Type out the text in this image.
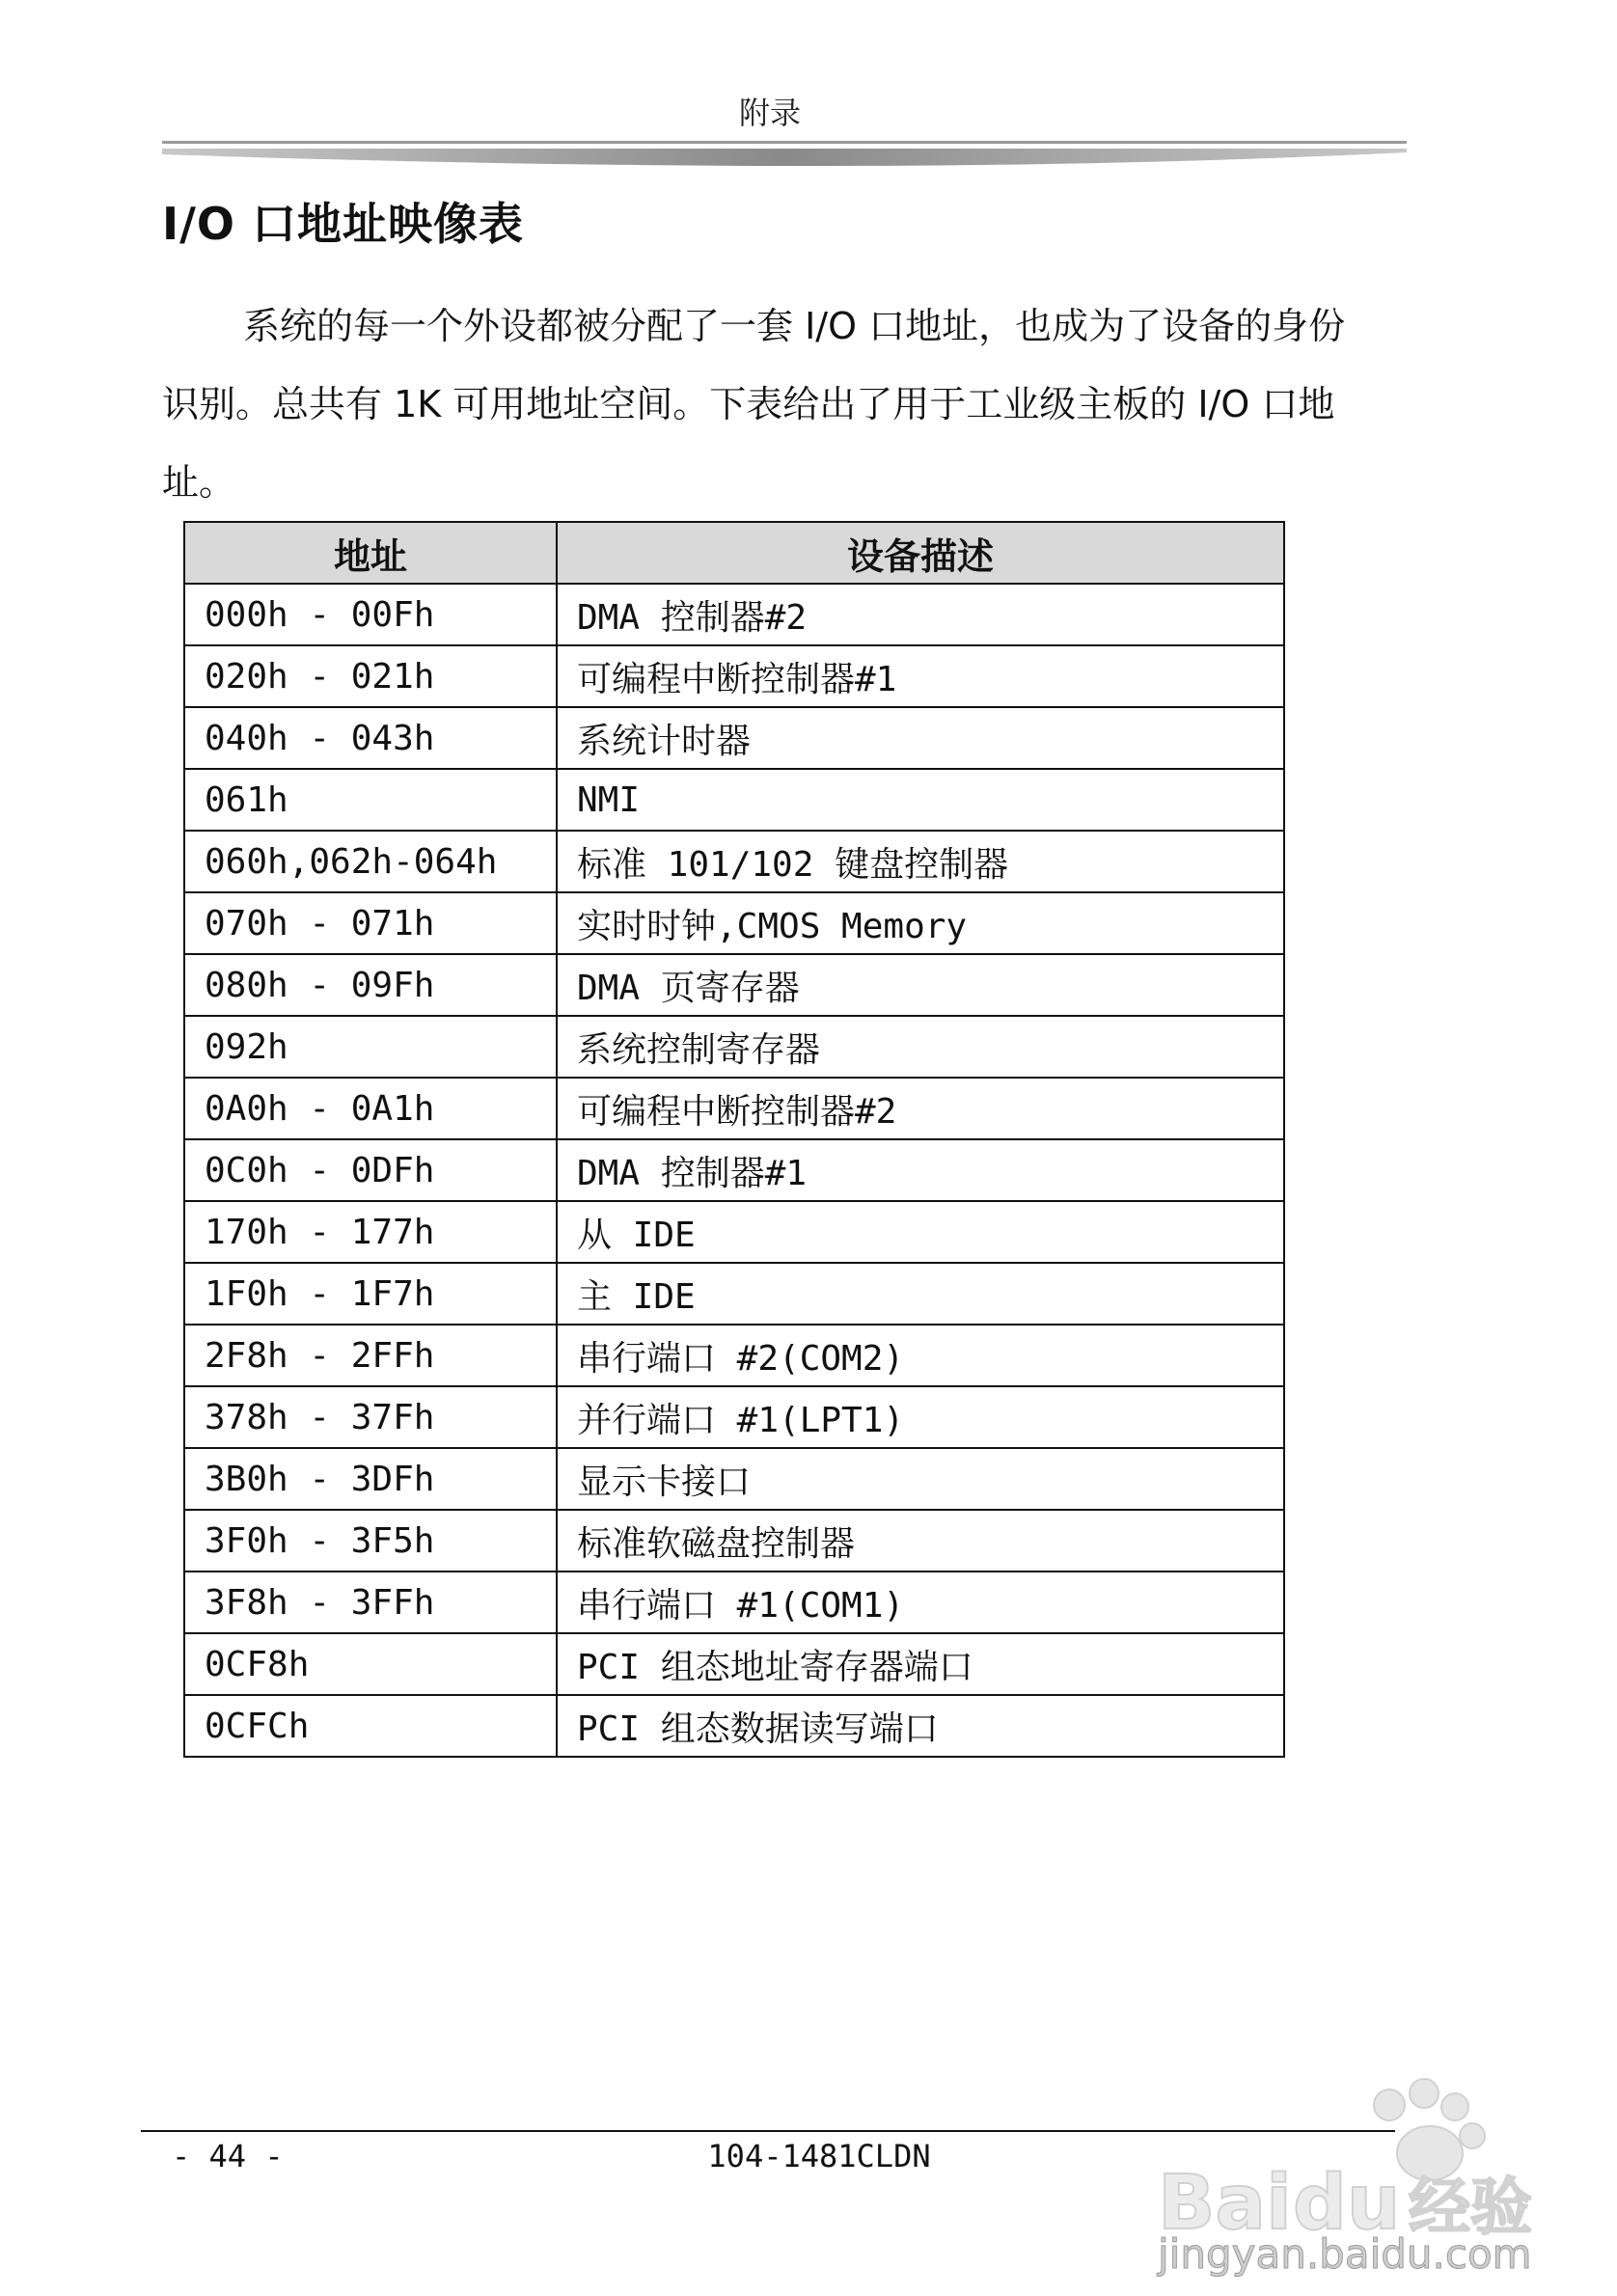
附录
I/O 口地址映像表

系统的每一个外设都被分配了一套 I/O 口地址，也成为了设备的身份识别。总共有 1K 可用地址空间。下表给出了用于工业级主板的 I/O 口地址。

地址	设备描述
000h - 00Fh	DMA 控制器#2
020h - 021h	可编程中断控制器#1
040h - 043h	系统计时器
061h	NMI
060h,062h-064h	标准 101/102 键盘控制器
070h - 071h	实时时钟,CMOS Memory
080h - 09Fh	DMA 页寄存器
092h	系统控制寄存器
0A0h - 0A1h	可编程中断控制器#2
0C0h - 0DFh	DMA 控制器#1
170h - 177h	从 IDE
1F0h - 1F7h	主 IDE
2F8h - 2FFh	串行端口 #2(COM2)
378h - 37Fh	并行端口 #1(LPT1)
3B0h - 3DFh	显示卡接口
3F0h - 3F5h	标准软磁盘控制器
3F8h - 3FFh	串行端口 #1(COM1)
0CF8h	PCI 组态地址寄存器端口
0CFCh	PCI 组态数据读写端口
- 44 -	104-1481CLDN
Bai du 经验
jingyan.baidu.com
